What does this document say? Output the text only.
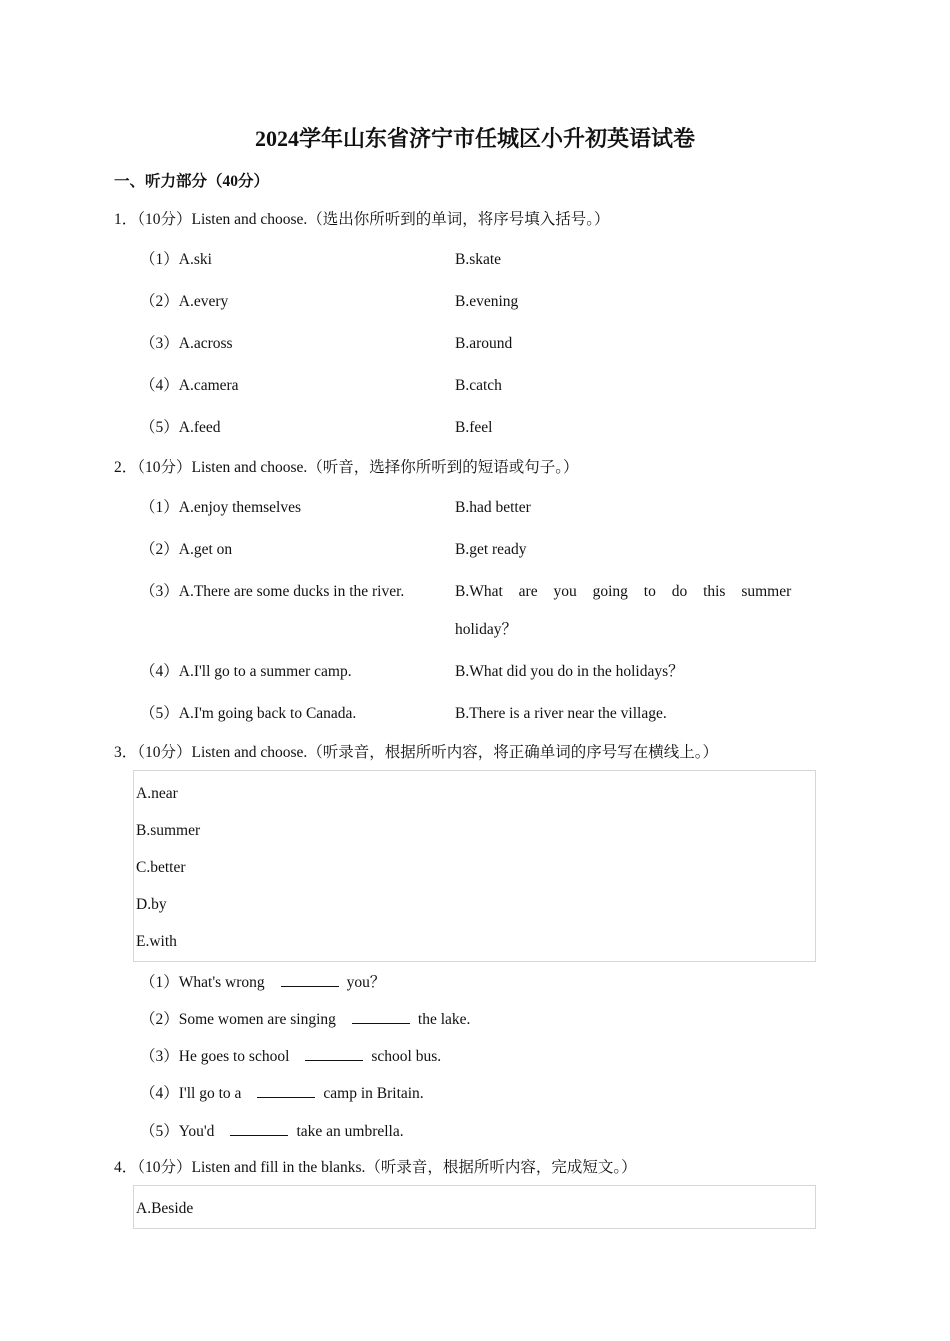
2024学年山东省济宁市任城区小升初英语试卷
一、听力部分（40分）
1．（10分）Listen and choose.（选出你所听到的单词，将序号填入括号。）
（1）A.ski	B.skate
（2）A.every	B.evening
（3）A.across	B.around
（4）A.camera	B.catch
（5）A.feed	B.feel
2．（10分）Listen and choose.（听音，选择你所听到的短语或句子。）
（1）A.enjoy themselves	B.had better
（2）A.get on	B.get ready
（3）A.There are some ducks in the river.	B.What are you going to do this summer
holiday？
（4）A.I'll go to a summer camp.	B.What did you do in the holidays？
（5）A.I'm going back to Canada.	B.There is a river near the village.
3．（10分）Listen and choose.（听录音，根据所听内容，将正确单词的序号写在横线上。）
A.near
B.summer
C.better
D.by
E.with
（1）What's wrong	you？
（2）Some women are singing	the lake.
（3）He goes to school	school bus.
（4）I'll go to a	camp in Britain.
（5）You'd	take an umbrella.
4．（10分）Listen and fill in the blanks.（听录音，根据所听内容，完成短文。）
A.Beside
